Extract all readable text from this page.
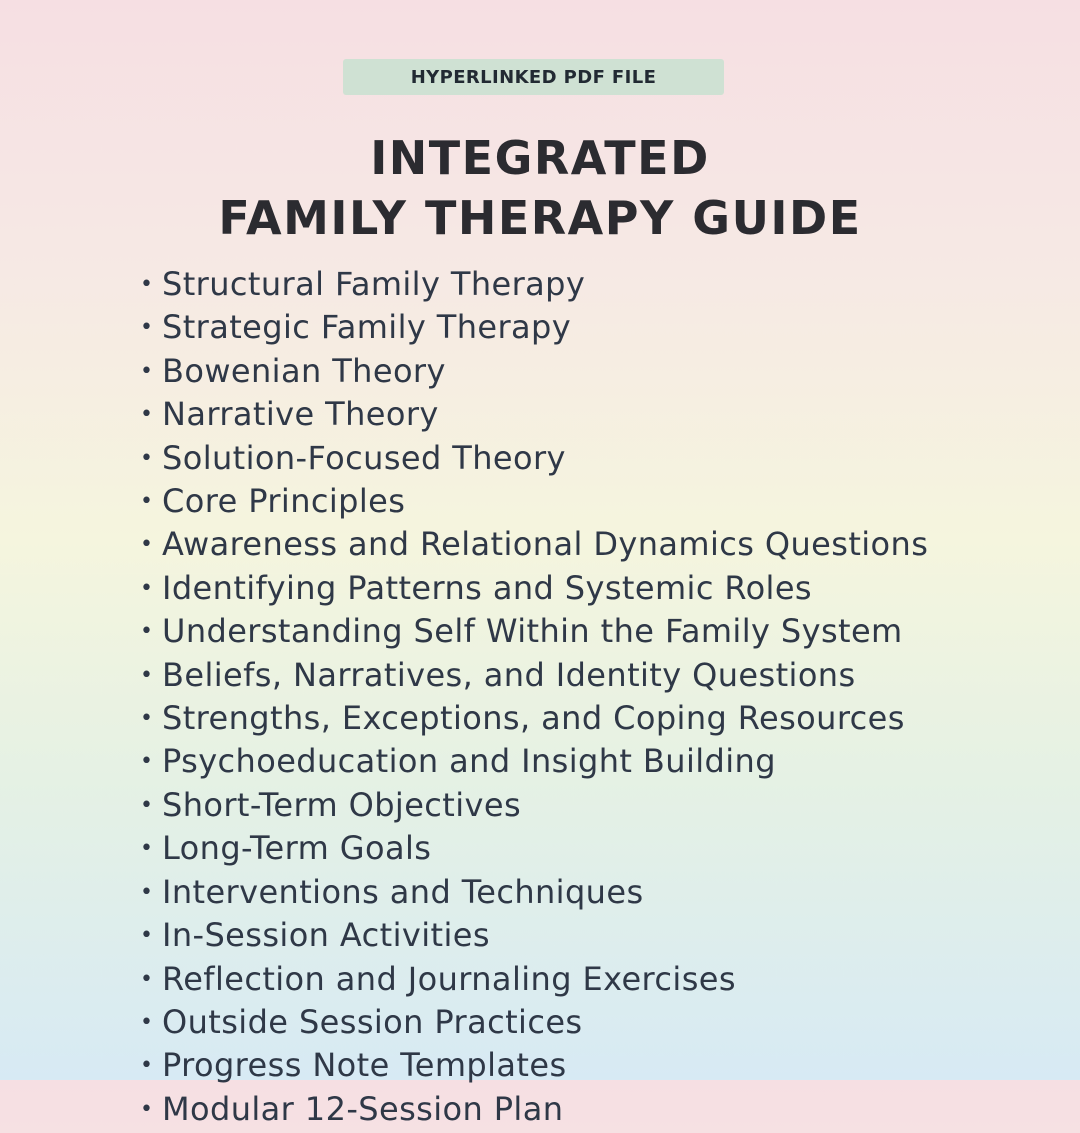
HYPERLINKED PDF FILE
INTEGRATED
FAMILY THERAPY GUIDE
• Structural Family Therapy
• Strategic Family Therapy
• Bowenian Theory
• Narrative Theory
• Solution-Focused Theory
• Core Principles
• Awareness and Relational Dynamics Questions
• Identifying Patterns and Systemic Roles
• Understanding Self Within the Family System
• Beliefs, Narratives, and Identity Questions
• Strengths, Exceptions, and Coping Resources
• Psychoeducation and Insight Building
• Short-Term Objectives
• Long-Term Goals
• Interventions and Techniques
• In-Session Activities
• Reflection and Journaling Exercises
• Outside Session Practices
• Progress Note Templates
• Modular 12-Session Plan
